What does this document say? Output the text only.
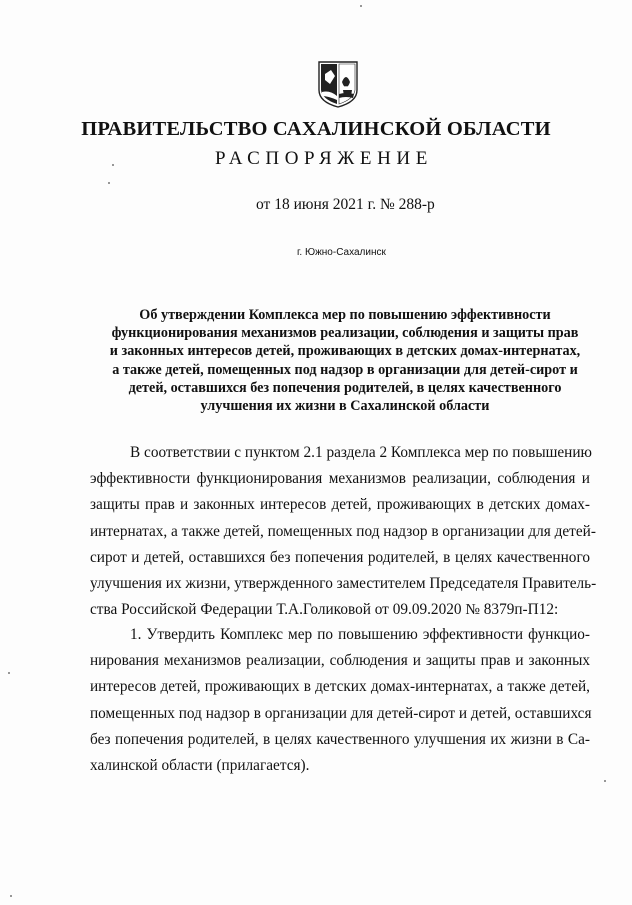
ПРАВИТЕЛЬСТВО САХАЛИНСКОЙ ОБЛАСТИ
РАСПОРЯЖЕНИЕ
от 18 июня 2021 г. № 288-р
г. Южно-Сахалинск
Об утверждении Комплекса мер по повышению эффективности
функционирования механизмов реализации, соблюдения и защиты прав
и законных интересов детей, проживающих в детских домах-интернатах,
а также детей, помещенных под надзор в организации для детей-сирот и
детей, оставшихся без попечения родителей, в целях качественного
улучшения их жизни в Сахалинской области
В соответствии с пунктом 2.1 раздела 2 Комплекса мер по повышению
эффективности функционирования механизмов реализации, соблюдения и
защиты прав и законных интересов детей, проживающих в детских домах-
интернатах, а также детей, помещенных под надзор в организации для детей-
сирот и детей, оставшихся без попечения родителей, в целях качественного
улучшения их жизни, утвержденного заместителем Председателя Правитель-
ства Российской Федерации Т.А.Голиковой от 09.09.2020 № 8379п-П12:
1. Утвердить Комплекс мер по повышению эффективности функцио-
нирования механизмов реализации, соблюдения и защиты прав и законных
интересов детей, проживающих в детских домах-интернатах, а также детей,
помещенных под надзор в организации для детей-сирот и детей, оставшихся
без попечения родителей, в целях качественного улучшения их жизни в Са-
халинской области (прилагается).
